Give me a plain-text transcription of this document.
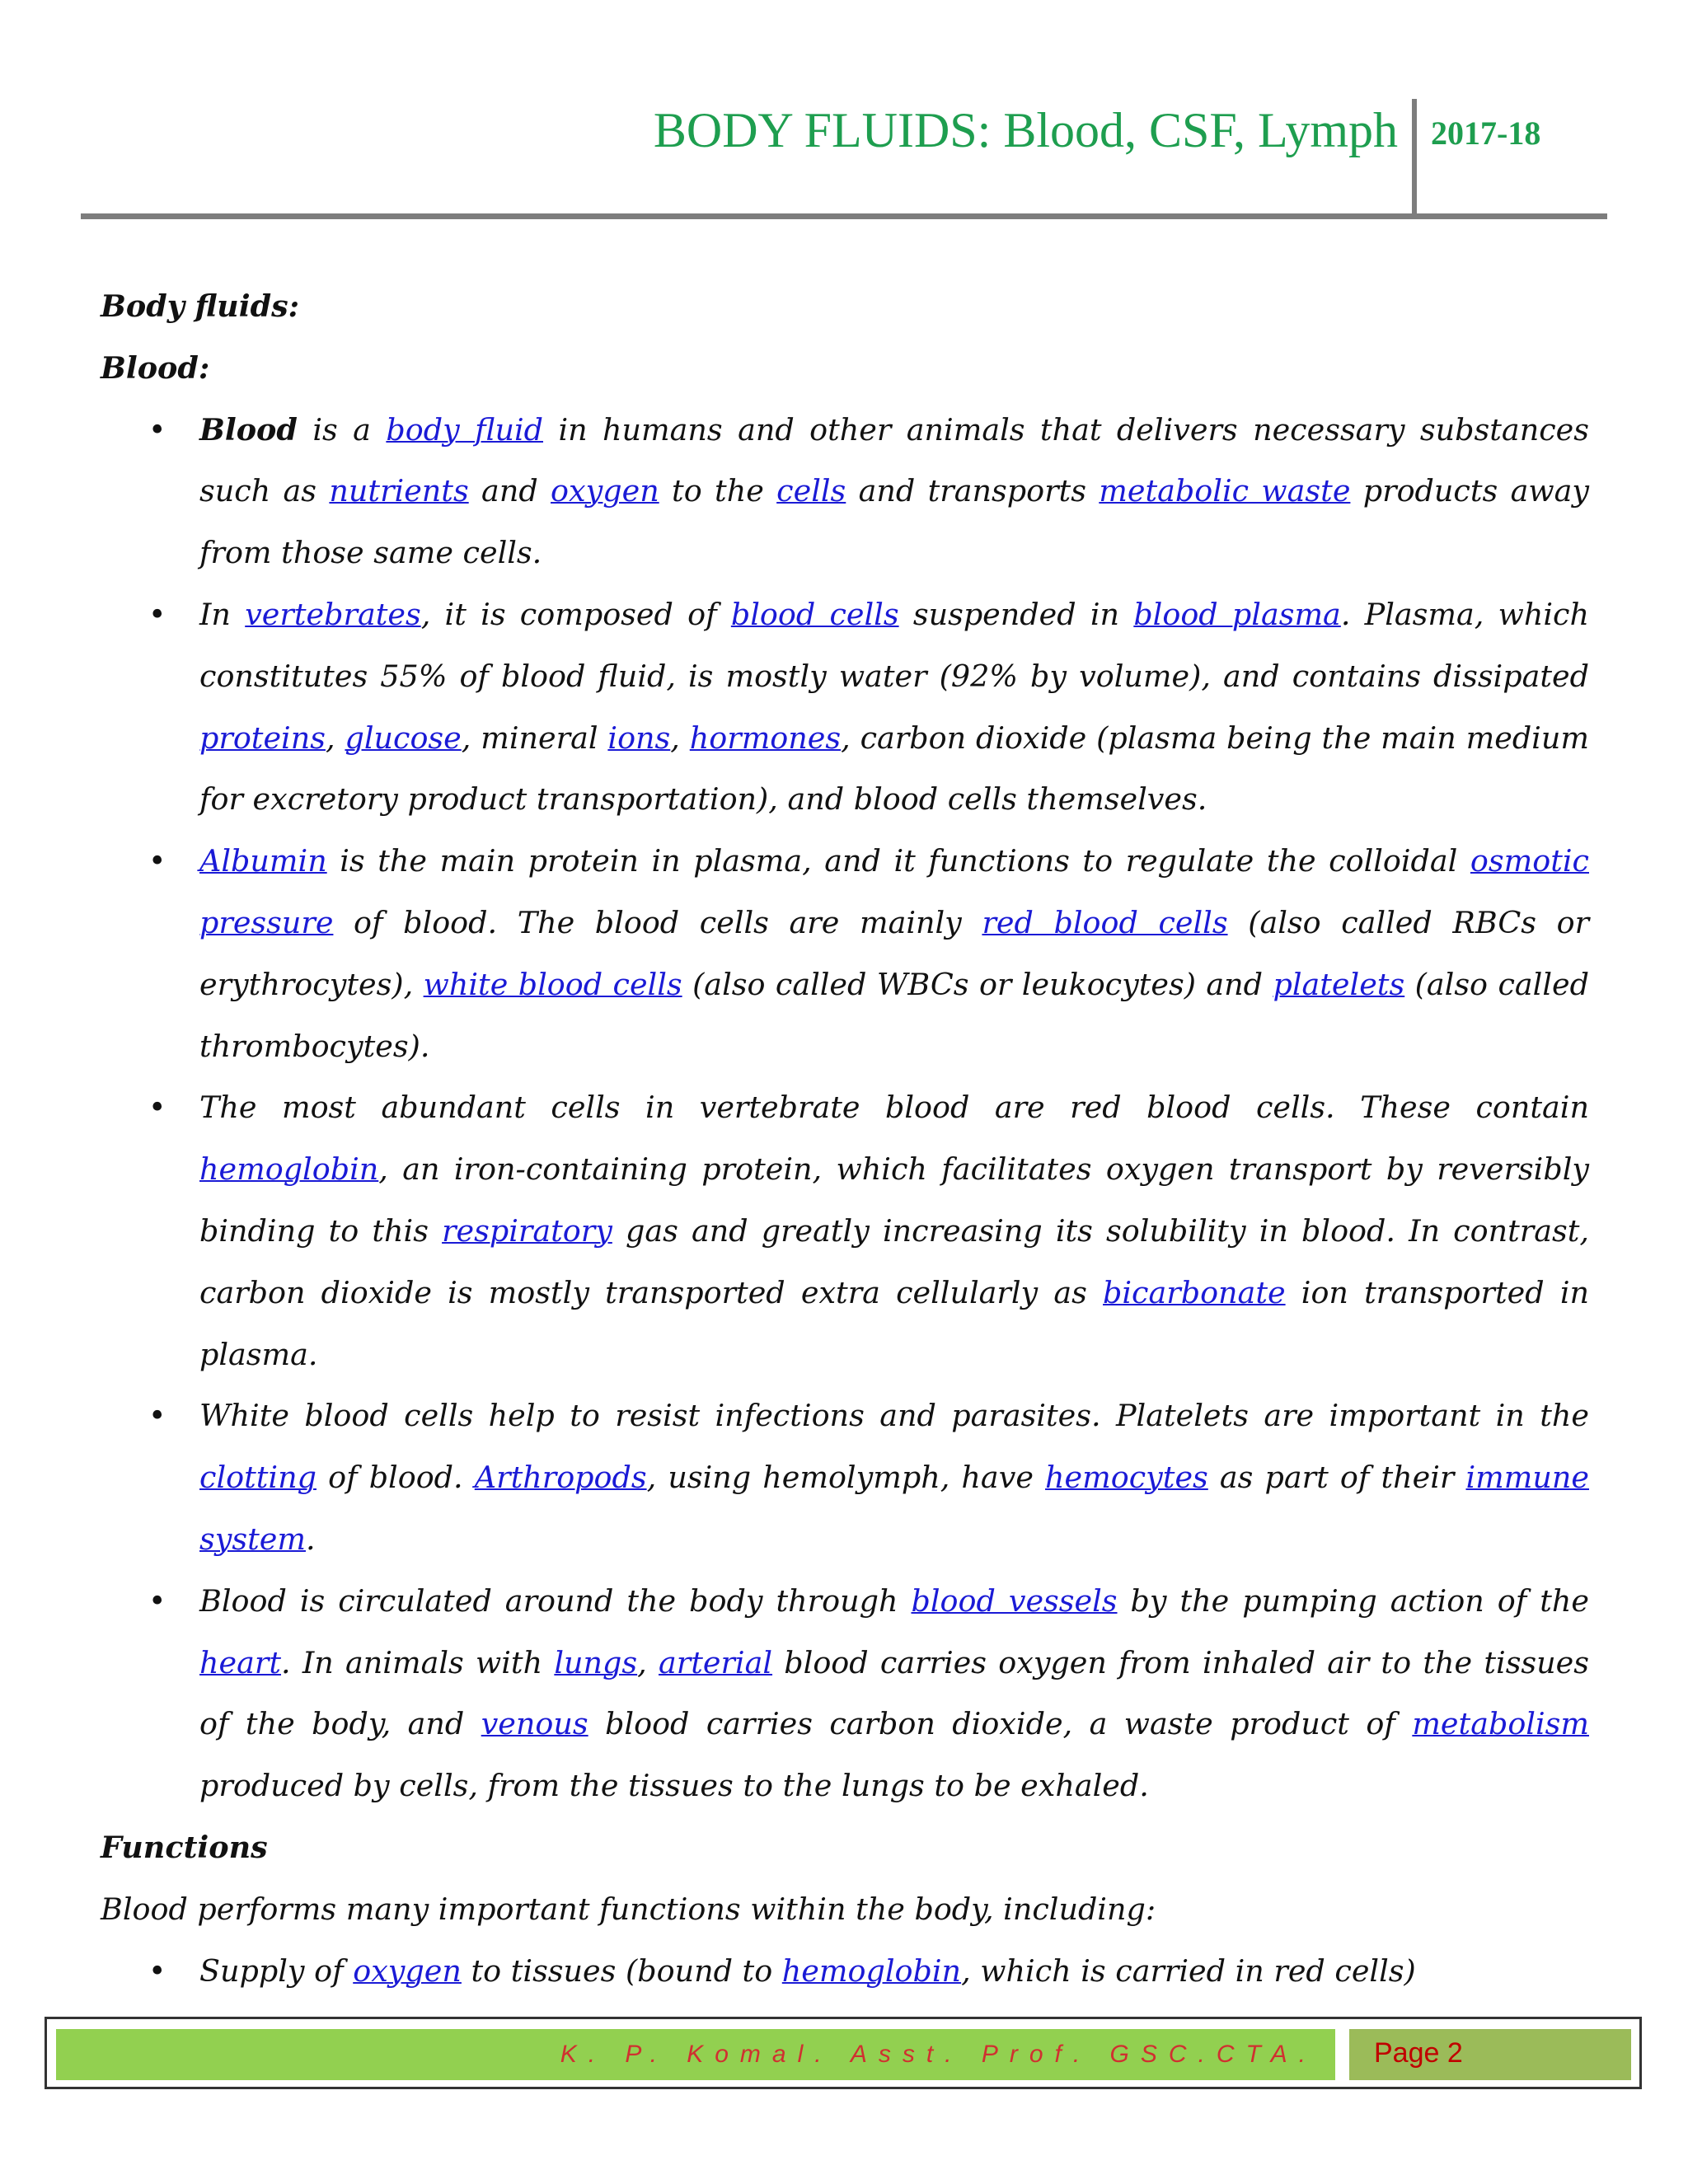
BODY FLUIDS: Blood, CSF, Lymph 2017-18

Body fluids:

Blood:

• Blood is a body fluid in humans and other animals that delivers necessary substances such as nutrients and oxygen to the cells and transports metabolic waste products away from those same cells.
• In vertebrates, it is composed of blood cells suspended in blood plasma. Plasma, which constitutes 55% of blood fluid, is mostly water (92% by volume), and contains dissipated proteins, glucose, mineral ions, hormones, carbon dioxide (plasma being the main medium for excretory product transportation), and blood cells themselves.
• Albumin is the main protein in plasma, and it functions to regulate the colloidal osmotic pressure of blood. The blood cells are mainly red blood cells (also called RBCs or erythrocytes), white blood cells (also called WBCs or leukocytes) and platelets (also called thrombocytes).
• The most abundant cells in vertebrate blood are red blood cells. These contain hemoglobin, an iron-containing protein, which facilitates oxygen transport by reversibly binding to this respiratory gas and greatly increasing its solubility in blood. In contrast, carbon dioxide is mostly transported extra cellularly as bicarbonate ion transported in plasma.
• White blood cells help to resist infections and parasites. Platelets are important in the clotting of blood. Arthropods, using hemolymph, have hemocytes as part of their immune system.
• Blood is circulated around the body through blood vessels by the pumping action of the heart. In animals with lungs, arterial blood carries oxygen from inhaled air to the tissues of the body, and venous blood carries carbon dioxide, a waste product of metabolism produced by cells, from the tissues to the lungs to be exhaled.

Functions

Blood performs many important functions within the body, including:

• Supply of oxygen to tissues (bound to hemoglobin, which is carried in red cells)
K. P. Komal. Asst. Prof. GSC.CTA.	Page 2
